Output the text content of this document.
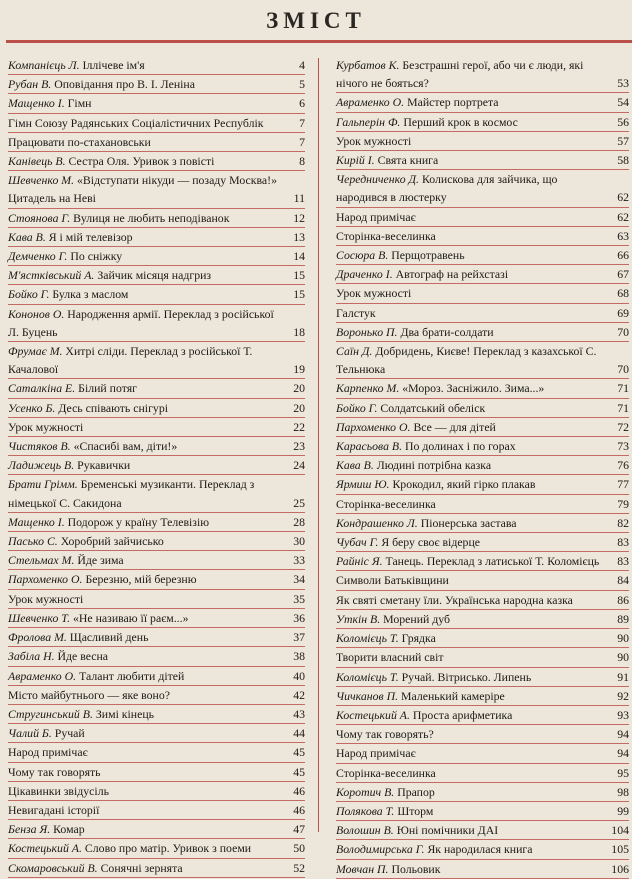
ЗМІСТ
Компанієць Л. Іллічеве ім'я	4
Рубан В. Оповідання про В. І. Леніна	5
Мащенко І. Гімн	6
Гімн Союзу Радянських Соціалістичних Республік	7
Працювати по-стахановськи	7
Канівець В. Сестра Оля. Уривок з повісті	8
Шевченко М. «Відступати нікуди — позаду Москва!» Цитадель на Неві	11
Стоянова Г. Вулиця не любить неподіванок	12
Кава В. Я і мій телевізор	13
Демченко Г. По сніжку	14
М'ястківський А. Зайчик місяця надгриз	15
Бойко Г. Булка з маслом	15
Кононов О. Народження армії. Переклад з російської Л. Буцень	18
Фрумає М. Хитрі сліди. Переклад з російської Т. Качалової	19
Саталкіна Е. Білий потяг	20
Усенко Б. Десь співають снігурі	20
Урок мужності	22
Чистяков В. «Спасибі вам, діти!»	23
Ладижець В. Рукавички	24
Брати Грімм. Бременські музиканти. Переклад з німецької С. Сакидона	25
Мащенко І. Подорож у країну Телевізію	28
Пасько С. Хоробрий зайчисько	30
Стельмах М. Йде зима	33
Пархоменко О. Березню, мій березню	34
Урок мужності	35
Шевченко Т. «Не називаю її раєм...»	36
Фролова М. Щасливий день	37
Забіла Н. Йде весна	38
Авраменко О. Талант любити дітей	40
Місто майбутнього — яке воно?	42
Стругинський В. Зимі кінець	43
Чалий Б. Ручай	44
Народ примічає	45
Чому так говорять	45
Цікавинки звідусіль	46
Невигадані історії	46
Бенза Я. Комар	47
Костецький А. Слово про матір. Уривок з поеми	50
Скомаровський В. Сонячні зернята	52
Курбатов К. Безстрашні герої, або чи є люди, які нічого не бояться?	53
Авраменко О. Майстер портрета	54
Гальперін Ф. Перший крок в космос	56
Урок мужності	57
Кирій І. Свята книга	58
Чередниченко Д. Колискова для зайчика, що народився в люстерку	62
Народ примічає	62
Сторінка-веселинка	63
Сосюра В. Перщотравень	66
Драченко І. Автограф на рейхстазі	67
Урок мужності	68
Галстук	69
Воронько П. Два брати-солдати	70
Саїн Д. Добридень, Києве! Переклад з казахської С. Тельнюка	70
Карпенко М. «Мороз. Засніжило. Зима...»	71
Бойко Г. Солдатський обеліск	71
Пархоменко О. Все — для дітей	72
Карасьова В. По долинах і по горах	73
Кава В. Людині потрібна казка	76
Ярмиш Ю. Крокодил, який гірко плакав	77
Сторінка-веселинка	79
Кондрашенко Л. Піонерська застава	82
Чубач Г. Я беру своє відерце	83
Райніс Я. Танець. Переклад з латиської Т. Коломієць	83
Символи Батьківщини	84
Як святі сметану їли. Українська народна казка	86
Уткін В. Морений дуб	89
Коломієць Т. Грядка	90
Творити власний світ	90
Коломієць Т. Ручай. Вітрисько. Липень	91
Чичканов П. Маленький камеріре	92
Костецький А. Проста арифметика	93
Чому так говорять?	94
Народ примічає	94
Сторінка-веселинка	95
Коротич В. Прапор	98
Полякова Т. Шторм	99
Волошин В. Юні помічники ДАІ	104
Володимирська Г. Як народилася книга	105
Мовчан П. Польовик	106
